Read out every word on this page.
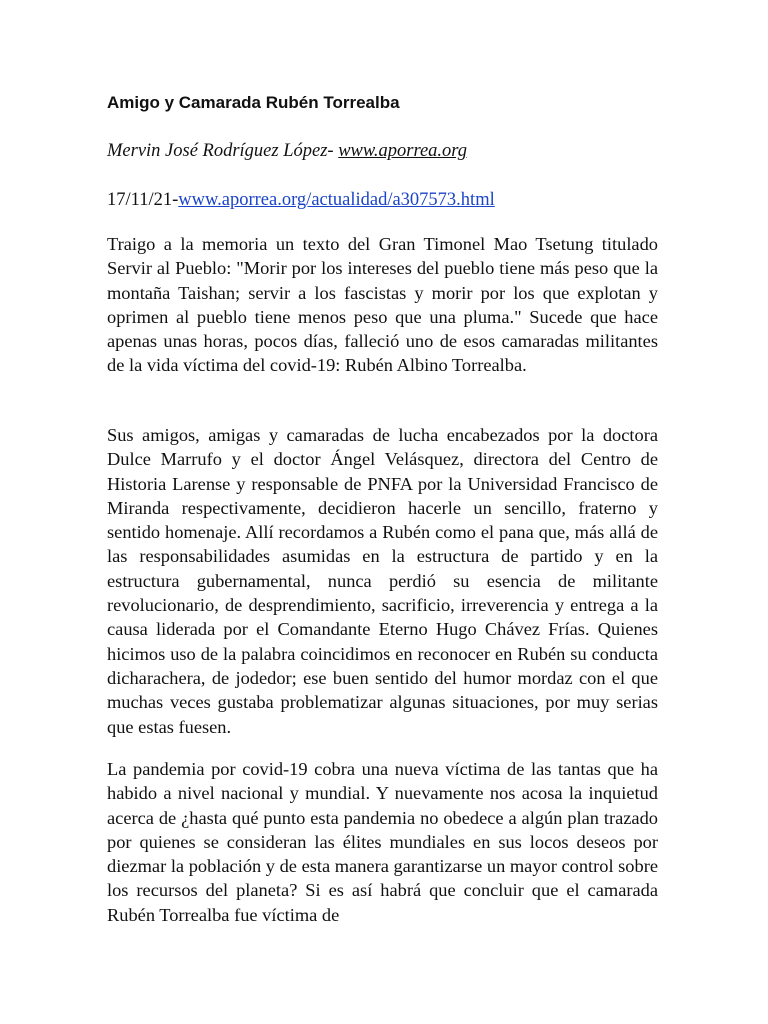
Amigo y Camarada Rubén Torrealba

Mervin José Rodríguez López- www.aporrea.org

17/11/21-www.aporrea.org/actualidad/a307573.html

Traigo a la memoria un texto del Gran Timonel Mao Tsetung titulado Servir al Pueblo: "Morir por los intereses del pueblo tiene más peso que la montaña Taishan; servir a los fascistas y morir por los que explotan y oprimen al pueblo tiene menos peso que una pluma." Sucede que hace apenas unas horas, pocos días, falleció uno de esos camaradas militantes de la vida víctima del covid-19: Rubén Albino Torrealba.

Sus amigos, amigas y camaradas de lucha encabezados por la doctora Dulce Marrufo y el doctor Ángel Velásquez, directora del Centro de Historia Larense y responsable de PNFA por la Universidad Francisco de Miranda respectivamente, decidieron hacerle un sencillo, fraterno y sentido homenaje. Allí recordamos a Rubén como el pana que, más allá de las responsabilidades asumidas en la estructura de partido y en la estructura gubernamental, nunca perdió su esencia de militante revolucionario, de desprendimiento, sacrificio, irreverencia y entrega a la causa liderada por el Comandante Eterno Hugo Chávez Frías. Quienes hicimos uso de la palabra coincidimos en reconocer en Rubén su conducta dicharachera, de jodedor; ese buen sentido del humor mordaz con el que muchas veces gustaba problematizar algunas situaciones, por muy serias que estas fuesen.

La pandemia por covid-19 cobra una nueva víctima de las tantas que ha habido a nivel nacional y mundial. Y nuevamente nos acosa la inquietud acerca de ¿hasta qué punto esta pandemia no obedece a algún plan trazado por quienes se consideran las élites mundiales en sus locos deseos por diezmar la población y de esta manera garantizarse un mayor control sobre los recursos del planeta? Si es así habrá que concluir que el camarada Rubén Torrealba fue víctima de
